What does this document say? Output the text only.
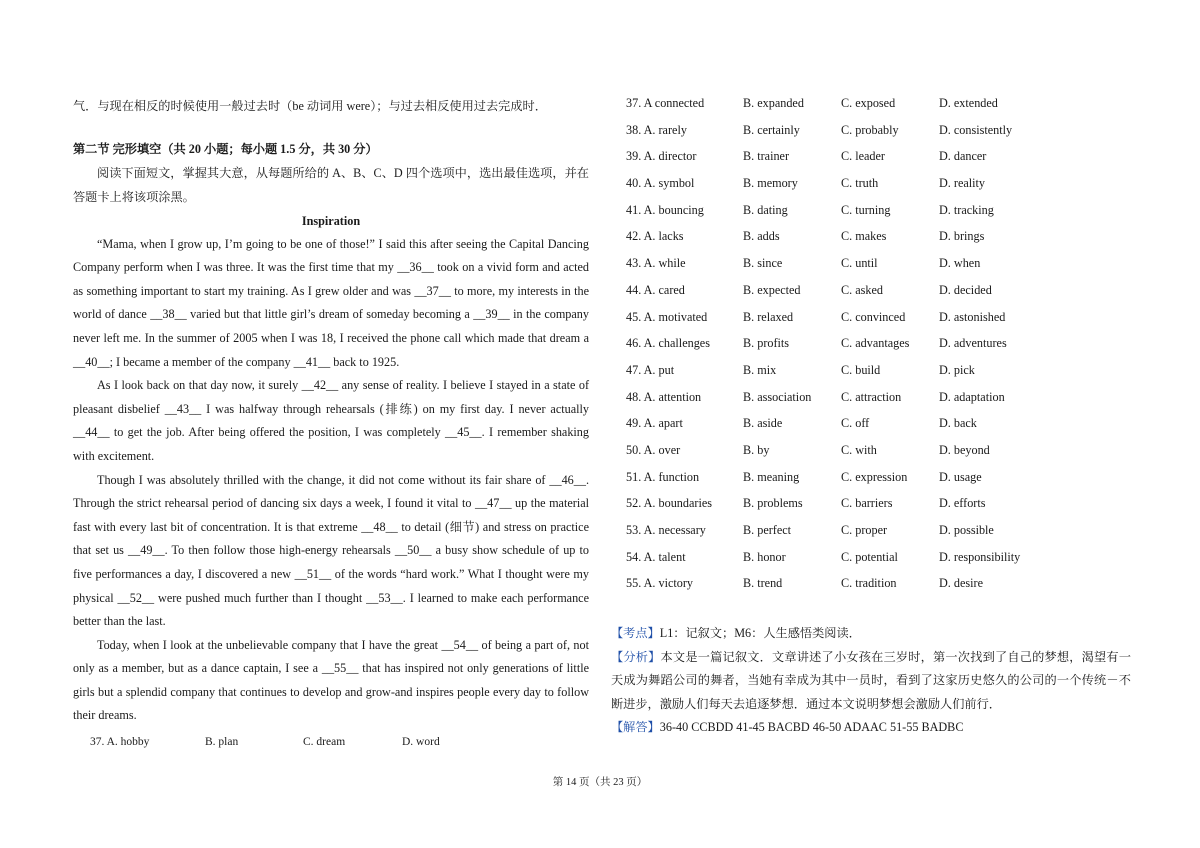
气．与现在相反的时候使用一般过去时（be 动词用 were）；与过去相反使用过去完成时．

第二节 完形填空（共 20 小题；每小题 1.5 分，共 30 分）

阅读下面短文，掌握其大意，从每题所给的 A、B、C、D 四个选项中，选出最佳选项，并在答题卡上将该项涂黑。

Inspiration

“Mama, when I grow up, I’m going to be one of those!” I said this after seeing the Capital Dancing Company perform when I was three. It was the first time that my __36__ took on a vivid form and acted as something important to start my training. As I grew older and was __37__ to more, my interests in the world of dance __38__ varied but that little girl’s dream of someday becoming a __39__ in the company never left me. In the summer of 2005 when I was 18, I received the phone call which made that dream a __40__; I became a member of the company __41__ back to 1925.

As I look back on that day now, it surely __42__ any sense of reality. I believe I stayed in a state of pleasant disbelief __43__ I was halfway through rehearsals (排练) on my first day. I never actually __44__ to get the job. After being offered the position, I was completely __45__. I remember shaking with excitement.

Though I was absolutely thrilled with the change, it did not come without its fair share of __46__. Through the strict rehearsal period of dancing six days a week, I found it vital to __47__ up the material fast with every last bit of concentration. It is that extreme __48__ to detail (细节) and stress on practice that set us __49__. To then follow those high-energy rehearsals __50__ a busy show schedule of up to five performances a day, I discovered a new __51__ of the words “hard work.” What I thought were my physical __52__ were pushed much further than I thought __53__. I learned to make each performance better than the last.

Today, when I look at the unbelievable company that I have the great __54__ of being a part of, not only as a member, but as a dance captain, I see a __55__ that has inspired not only generations of little girls but a splendid company that continues to develop and grow-and inspires people every day to follow their dreams.

37. A. hobby	B. plan	C. dream	D. word
37. A connected	B. expanded	C. exposed	D. extended
38. A. rarely	B. certainly	C. probably	D. consistently
39. A. director	B. trainer	C. leader	D. dancer
40. A. symbol	B. memory	C. truth	D. reality
41. A. bouncing	B. dating	C. turning	D. tracking
42. A. lacks	B. adds	C. makes	D. brings
43. A. while	B. since	C. until	D. when
44. A. cared	B. expected	C. asked	D. decided
45. A. motivated	B. relaxed	C. convinced	D. astonished
46. A. challenges	B. profits	C. advantages D. adventures
47. A. put	B. mix	C. build	D. pick
48. A. attention	B. association C. attraction	D. adaptation
49. A. apart	B. aside	C. off	D. back
50. A. over	B. by	C. with	D. beyond
51. A. function	B. meaning	C. expression	D. usage
52. A. boundaries	B. problems	C. barriers	D. efforts
53. A. necessary	B. perfect	C. proper	D. possible
54. A. talent	B. honor	C. potential	D. responsibility
55. A. victory	B. trend	C. tradition	D. desire

【考点】L1：记叙文；M6：人生感悟类阅读．

【分析】本文是一篇记叙文．文章讲述了小女孩在三岁时，第一次找到了自己的梦想，渴望有一天成为舞蹈公司的舞者，当她有幸成为其中一员时，看到了这家历史悠久的公司的一个传统－不断进步，激励人们每天去追逐梦想．通过本文说明梦想会激励人们前行．

【解答】36-40 CCBDD 41-45 BACBD 46-50 ADAAC 51-55 BADBC

第 14 页（共 23 页）
